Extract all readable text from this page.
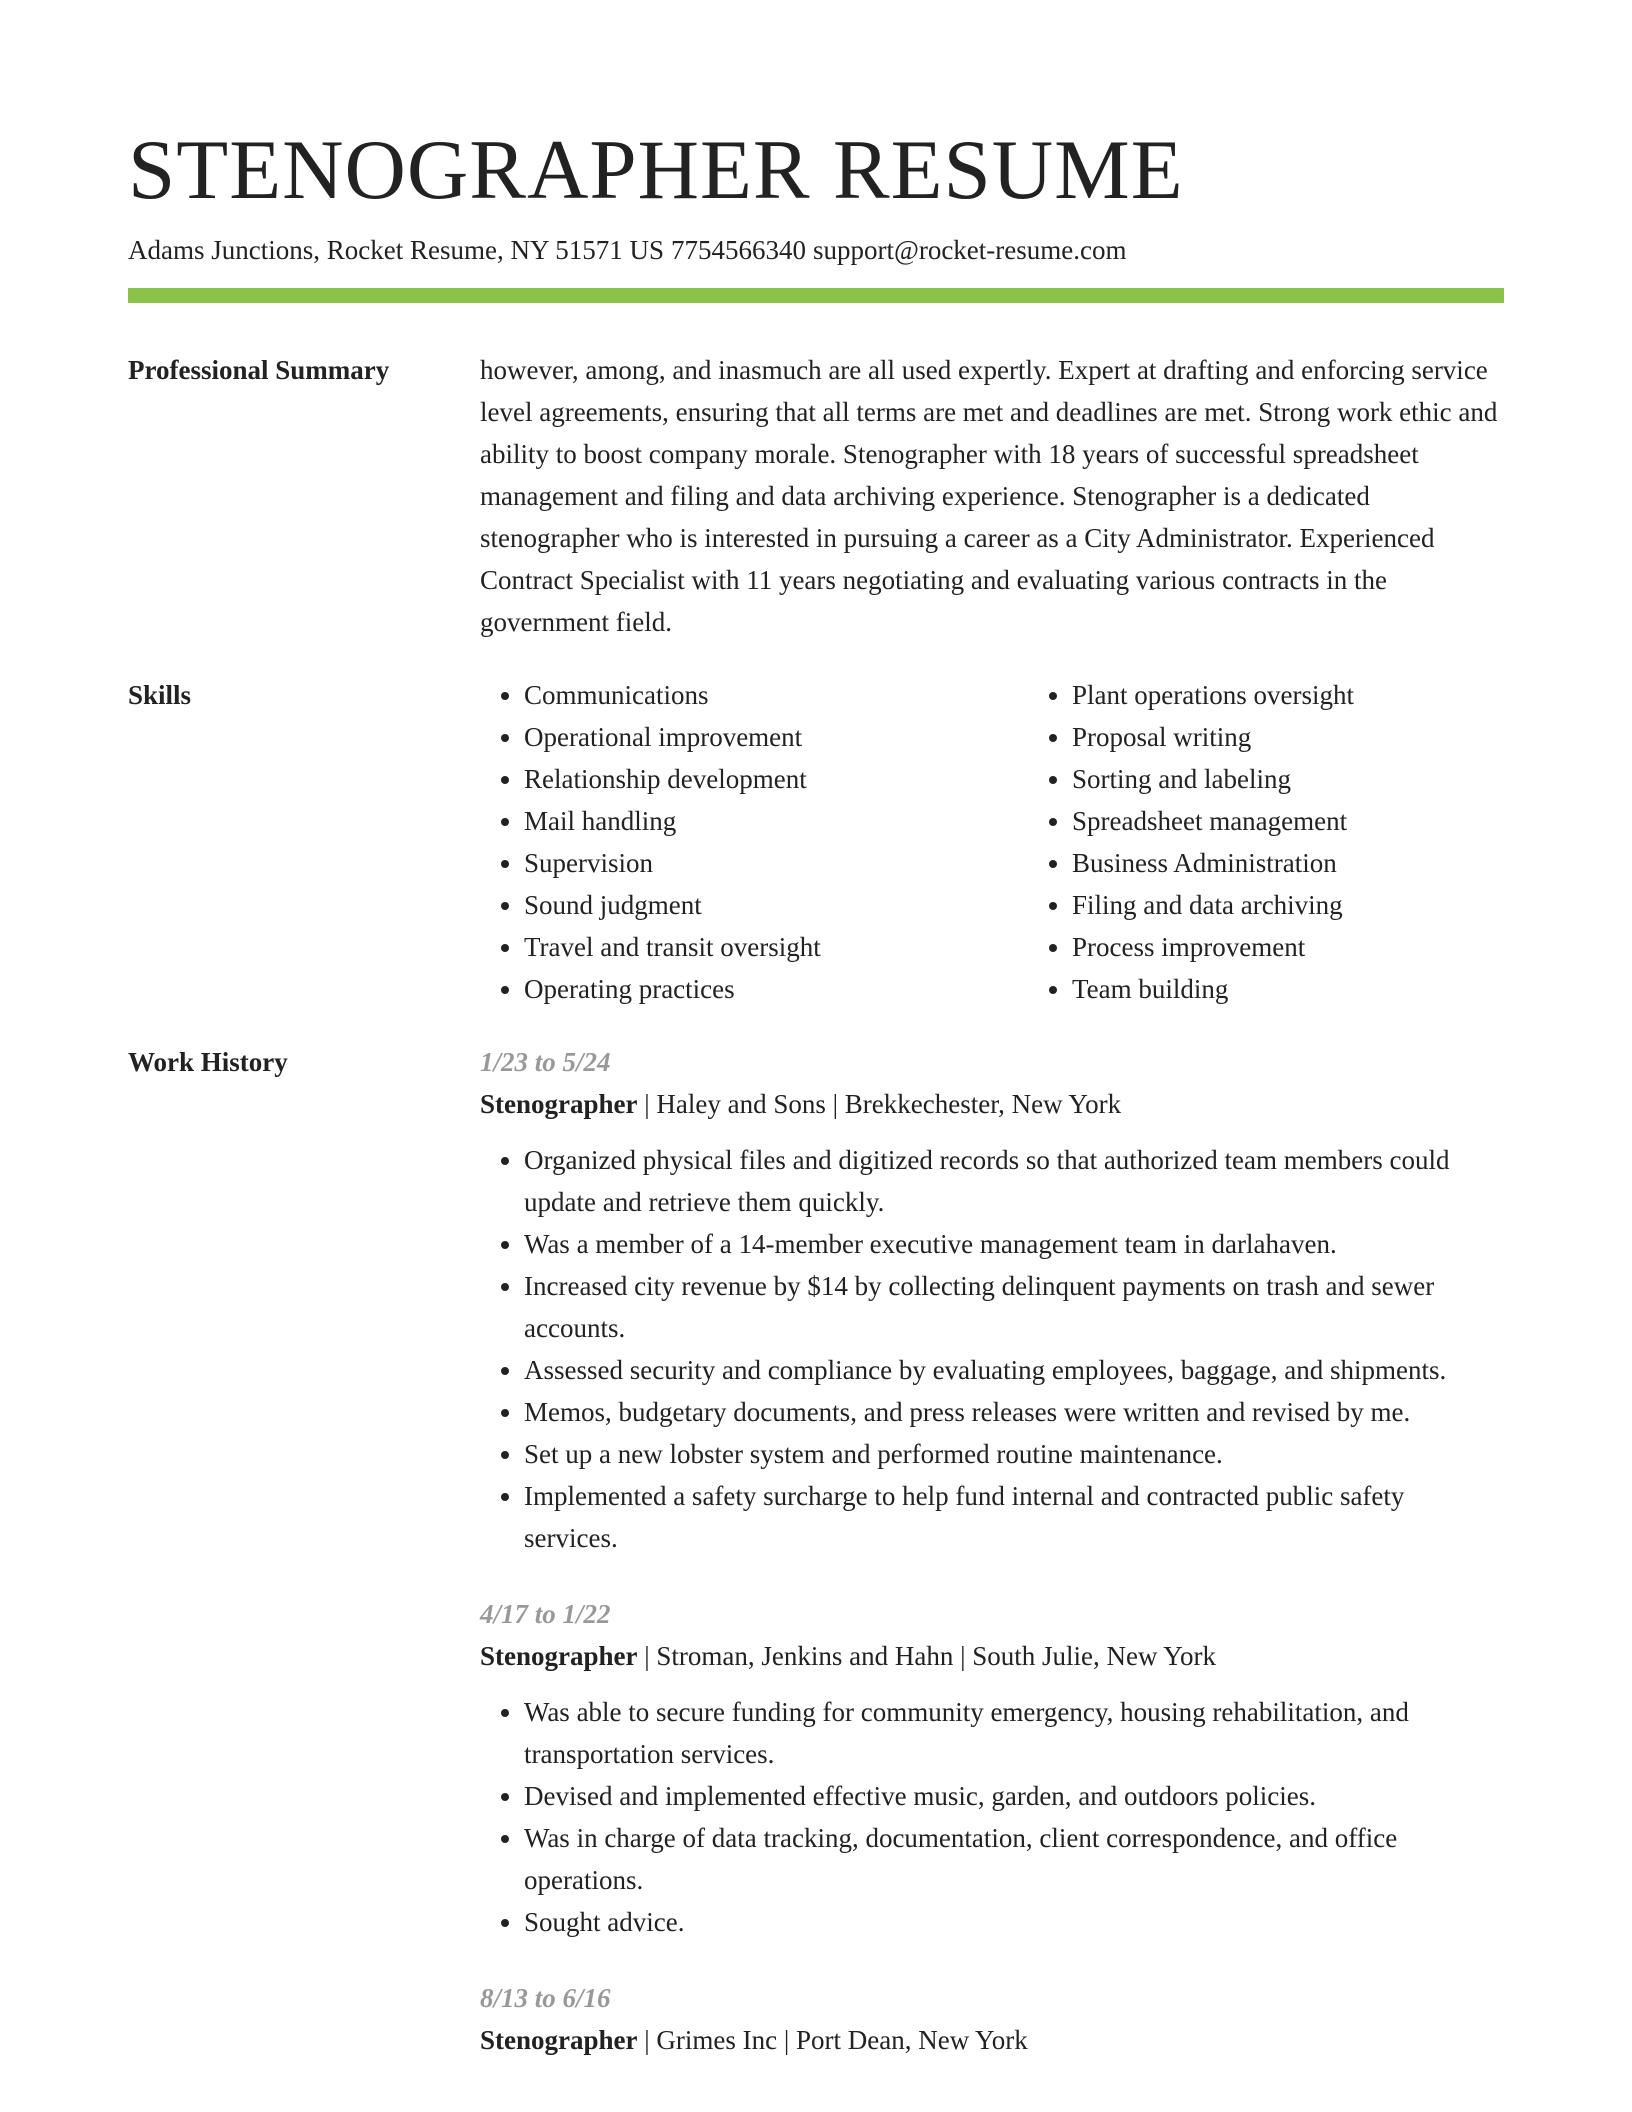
STENOGRAPHER RESUME
Adams Junctions, Rocket Resume, NY 51571 US 7754566340 support@rocket-resume.com
Professional Summary	however, among, and inasmuch are all used expertly. Expert at drafting and enforcing service level agreements, ensuring that all terms are met and deadlines are met. Strong work ethic and ability to boost company morale. Stenographer with 18 years of successful spreadsheet management and filing and data archiving experience. Stenographer is a dedicated stenographer who is interested in pursuing a career as a City Administrator. Experienced Contract Specialist with 11 years negotiating and evaluating various contracts in the government field.

Skills
•	Communications
• Operational improvement
• Relationship development
• Mail handling
• Supervision
• Sound judgment
• Travel and transit oversight
• Operating practices
• Plant operations oversight
• Proposal writing
• Sorting and labeling
• Spreadsheet management
• Business Administration
• Filing and data archiving
• Process improvement
• Team building
Work History	1/23 to 5/24
Stenographer | Haley and Sons | Brekkechester, New York
• Organized physical files and digitized records so that authorized team members could update and retrieve them quickly.
• Was a member of a 14-member executive management team in darlahaven.
• Increased city revenue by $14 by collecting delinquent payments on trash and sewer accounts.
• Assessed security and compliance by evaluating employees, baggage, and shipments.
• Memos, budgetary documents, and press releases were written and revised by me.
• Set up a new lobster system and performed routine maintenance.
• Implemented a safety surcharge to help fund internal and contracted public safety services.
4/17 to 1/22
Stenographer | Stroman, Jenkins and Hahn | South Julie, New York
• Was able to secure funding for community emergency, housing rehabilitation, and transportation services.
• Devised and implemented effective music, garden, and outdoors policies.
• Was in charge of data tracking, documentation, client correspondence, and office operations.
• Sought advice.
8/13 to 6/16
Stenographer | Grimes Inc | Port Dean, New York
